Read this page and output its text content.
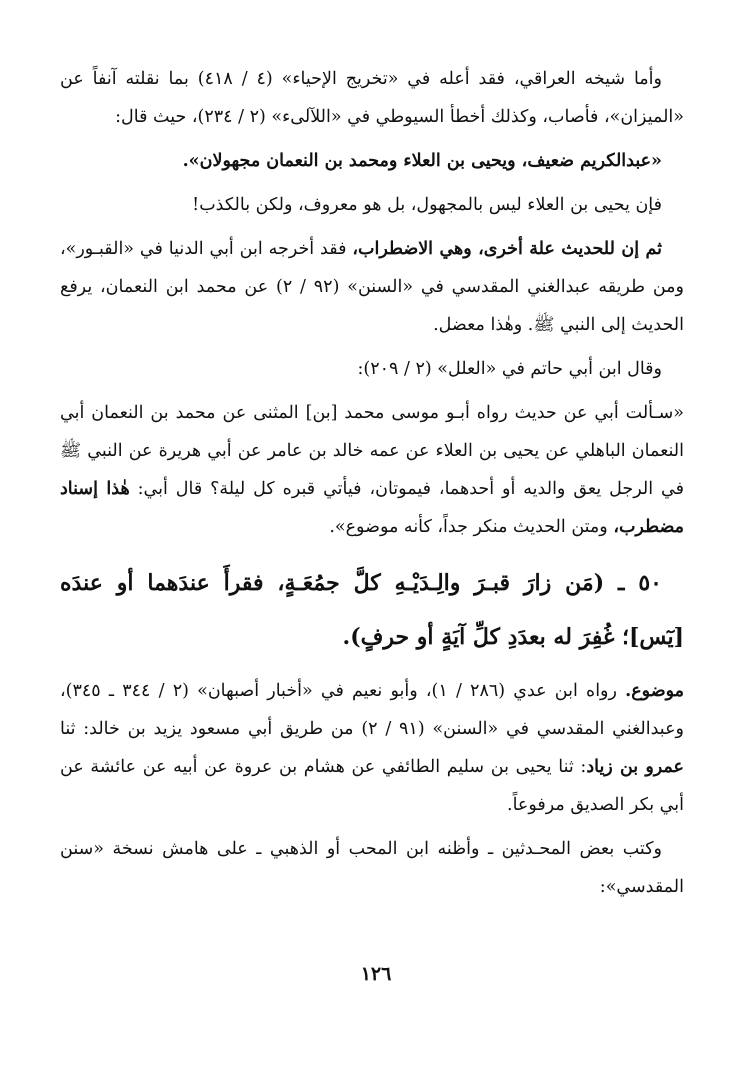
وأما شيخه العراقي، فقد أعله في «تخريج الإحياء» (٤ / ٤١٨) بما نقلته آنفاً عن «الميزان»، فأصاب، وكذلك أخطأ السيوطي في «اللآلىء» (٢ / ٢٣٤)، حيث قال:

«عبدالكريم ضعيف، ويحيى بن العلاء ومحمد بن النعمان مجهولان».

فإن يحيى بن العلاء ليس بالمجهول، بل هو معروف، ولكن بالكذب!

ثم إن للحديث علة أخرى، وهي الاضطراب، فقد أخرجه ابن أبي الدنيا في «القبـور»، ومن طريقه عبدالغني المقدسي في «السنن» (٩٢ / ٢) عن محمد ابن النعمان، يرفع الحديث إلى النبي ﷺ. وهٰذا معضل.

وقال ابن أبي حاتم في «العلل» (٢ / ٢٠٩):

«سـألت أبي عن حديث رواه أبـو موسى محمد [بن] المثنى عن محمد بن النعمان أبي النعمان الباهلي عن يحيى بن العلاء عن عمه خالد بن عامر عن أبي هريرة عن النبي ﷺ في الرجل يعق والديه أو أحدهما، فيموتان، فيأتي قبره كل ليلة؟ قال أبي: هٰذا إسناد مضطرب، ومتن الحديث منكر جداً، كأنه موضوع».

٥٠ ـ (مَن زارَ قبـرَ والِـدَيْـهِ كلَّ جمُعَـةٍ، فقرأَ عندَهما أو عندَه [يٓس]؛ غُفِرَ له بعدَدِ كلِّ آيَةٍ أو حرفٍ).

موضوع. رواه ابن عدي (٢٨٦ / ١)، وأبو نعيم في «أخبار أصبهان» (٢ / ٣٤٤ ـ ٣٤٥)، وعبدالغني المقدسي في «السنن» (٩١ / ٢) من طريق أبي مسعود يزيد بن خالد: ثنا عمرو بن زياد: ثنا يحيى بن سليم الطائفي عن هشام بن عروة عن أبيه عن عائشة عن أبي بكر الصديق مرفوعاً.

وكتب بعض المحـدثين ـ وأظنه ابن المحب أو الذهبي ـ على هامش نسخة «سنن المقدسي»:

١٢٦
